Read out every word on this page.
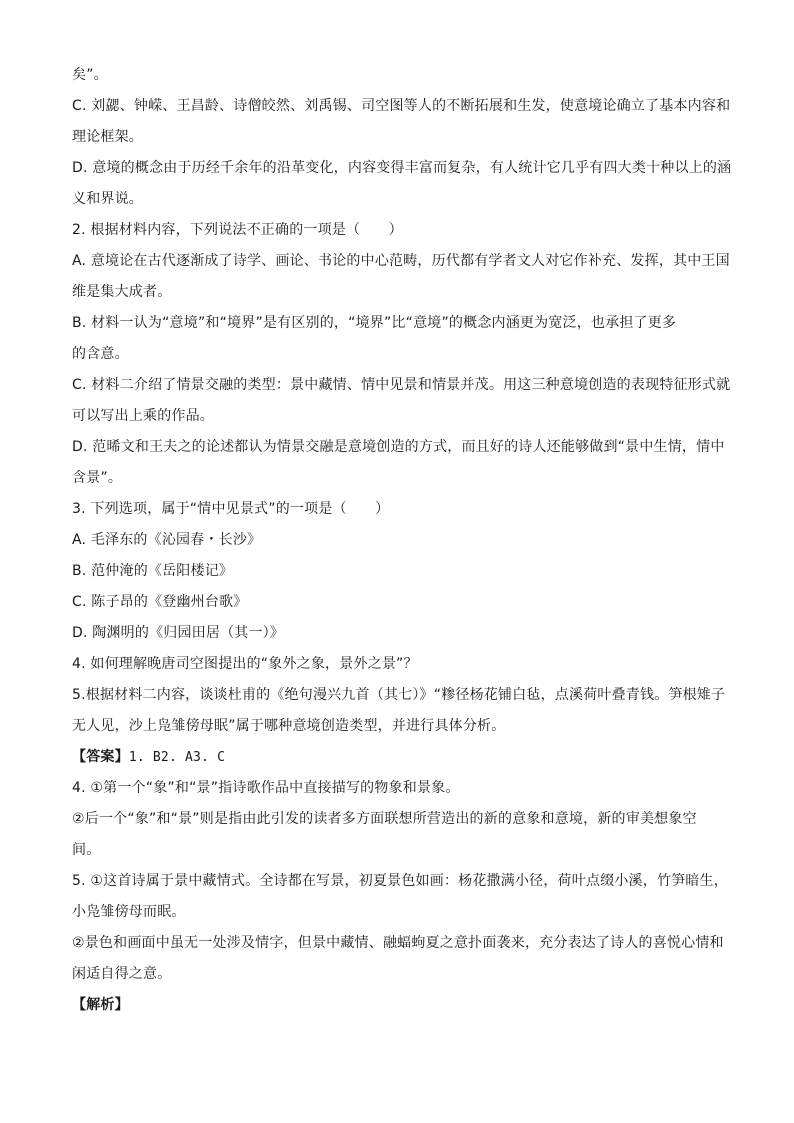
矣”。
C. 刘勰、钟嵘、王昌龄、诗僧皎然、刘禹锡、司空图等人的不断拓展和生发，使意境论确立了基本内容和
理论框架。
D. 意境的概念由于历经千余年的沿革变化，内容变得丰富而复杂，有人统计它几乎有四大类十种以上的涵
义和界说。
2. 根据材料内容，下列说法不正确的一项是（　　）
A. 意境论在古代逐渐成了诗学、画论、书论的中心范畴，历代都有学者文人对它作补充、发挥，其中王国
维是集大成者。
B. 材料一认为“意境”和“境界”是有区别的，“境界”比“意境”的概念内涵更为宽泛，也承担了更多
的含意。
C. 材料二介绍了情景交融的类型：景中藏情、情中见景和情景并茂。用这三种意境创造的表现特征形式就
可以写出上乘的作品。
D. 范晞文和王夫之的论述都认为情景交融是意境创造的方式，而且好的诗人还能够做到“景中生情，情中
含景”。
3. 下列选项，属于“情中见景式”的一项是（　　）
A. 毛泽东的《沁园春・长沙》
B. 范仲淹的《岳阳楼记》
C. 陈子昂的《登幽州台歌》
D. 陶渊明的《归园田居（其一）》
4. 如何理解晚唐司空图提出的“象外之象，景外之景”？
5.根据材料二内容，谈谈杜甫的《绝句漫兴九首（其七）》“糁径杨花铺白毡，点溪荷叶叠青钱。笋根雉子
无人见，沙上凫雏傍母眠”属于哪种意境创造类型，并进行具体分析。
【答案】1. B2. A3. C
4. ①第一个“象”和“景”指诗歌作品中直接描写的物象和景象。
②后一个“象”和“景”则是指由此引发的读者多方面联想所营造出的新的意象和意境，新的审美想象空
间。
5. ①这首诗属于景中藏情式。全诗都在写景，初夏景色如画：杨花撒满小径，荷叶点缀小溪，竹笋暗生，
小凫雏傍母而眠。
②景色和画面中虽无一处涉及情字，但景中藏情、融蝠蚼夏之意扑面袭来，充分表达了诗人的喜悦心情和
闲适自得之意。
【解析】
